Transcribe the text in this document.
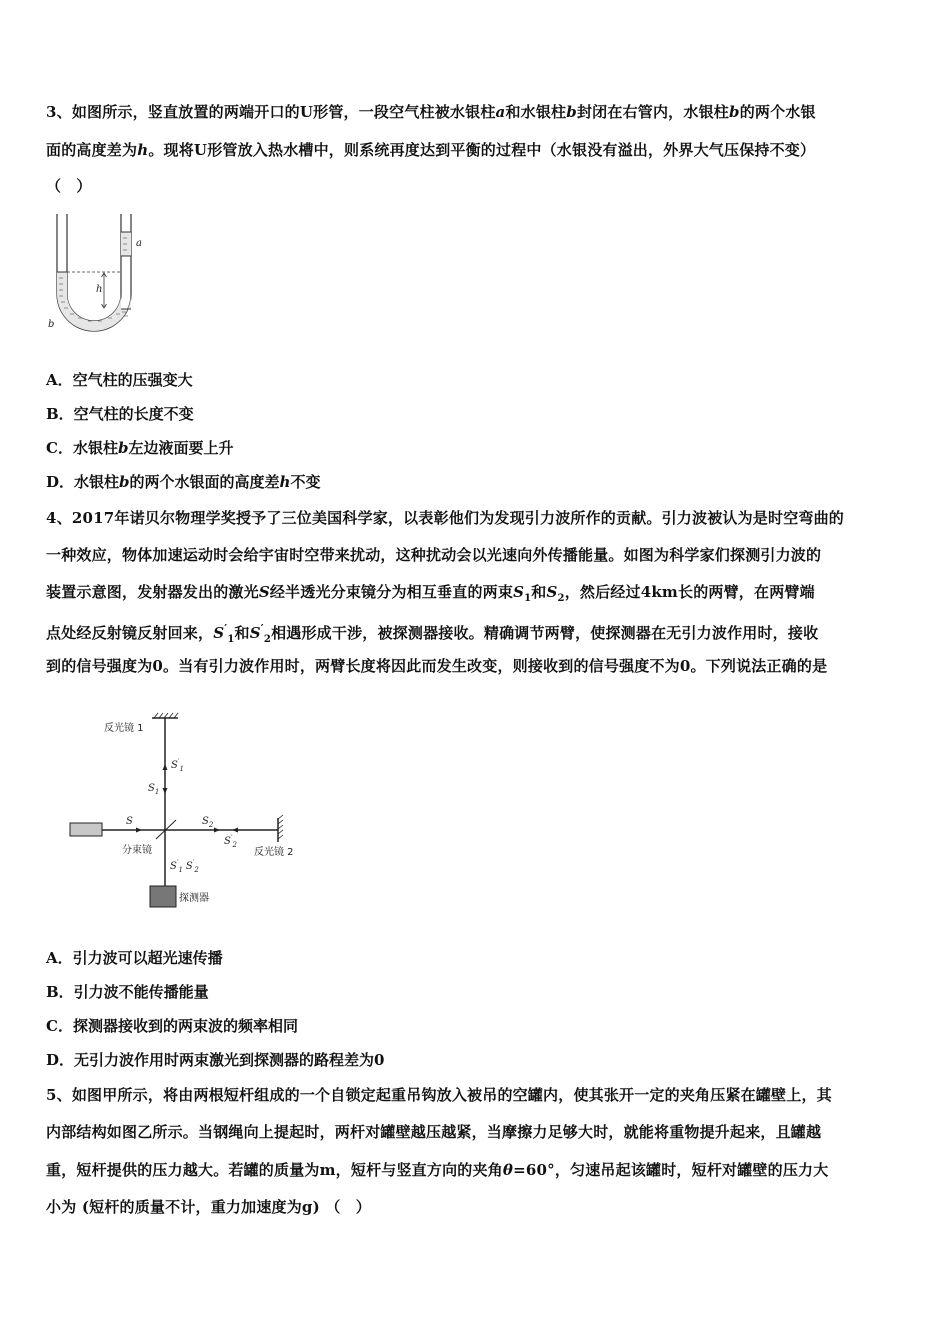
3、如图所示，竖直放置的两端开口的U形管，一段空气柱被水银柱a和水银柱b封闭在右管内，水银柱b的两个水银
面的高度差为h。现将U形管放入热水槽中，则系统再度达到平衡的过程中（水银没有溢出，外界大气压保持不变）
（　）
h
a
b
A．空气柱的压强变大
B．空气柱的长度不变
C．水银柱b左边液面要上升
D．水银柱b的两个水银面的高度差h不变
4、2017年诺贝尔物理学奖授予了三位美国科学家，以表彰他们为发现引力波所作的贡献。引力波被认为是时空弯曲的
一种效应，物体加速运动时会给宇宙时空带来扰动，这种扰动会以光速向外传播能量。如图为科学家们探测引力波的
装置示意图，发射器发出的激光S经半透光分束镜分为相互垂直的两束$S_1$和$S_2$，然后经过4km长的两臂，在两臂端
点处经反射镜反射回来，$S'_1$和$S'_2$相遇形成干涉，被探测器接收。精确调节两臂，使探测器在无引力波作用时，接收
到的信号强度为0。当有引力波作用时，两臂长度将因此而发生改变，则接收到的信号强度不为0。下列说法正确的是
反光镜 1
$S'_1$
$S_1$
S
分束镜
$S_2$
$S'_2$
反光镜 2
$S'_1$ $S'_2$
探测器
A．引力波可以超光速传播
B．引力波不能传播能量
C．探测器接收到的两束波的频率相同
D．无引力波作用时两束激光到探测器的路程差为0
5、如图甲所示，将由两根短杆组成的一个自锁定起重吊钩放入被吊的空罐内，使其张开一定的夹角压紧在罐壁上，其
内部结构如图乙所示。当钢绳向上提起时，两杆对罐壁越压越紧，当摩擦力足够大时，就能将重物提升起来，且罐越
重，短杆提供的压力越大。若罐的质量为m，短杆与竖直方向的夹角θ=60°，匀速吊起该罐时，短杆对罐壁的压力大
小为 (短杆的质量不计，重力加速度为g) （　）
